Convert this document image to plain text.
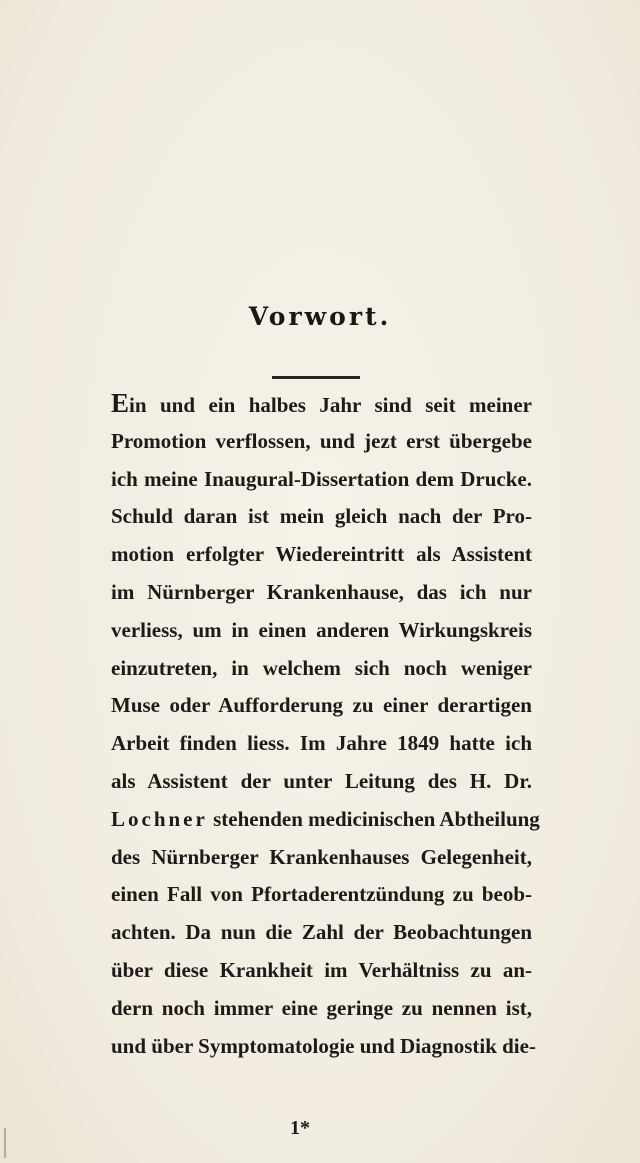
Vorwort.
Ein und ein halbes Jahr sind seit meiner
Promotion verflossen, und jezt erst übergebe
ich meine Inaugural-Dissertation dem Drucke.
Schuld daran ist mein gleich nach der Pro-
motion erfolgter Wiedereintritt als Assistent
im Nürnberger Krankenhause, das ich nur
verliess, um in einen anderen Wirkungskreis
einzutreten, in welchem sich noch weniger
Muse oder Aufforderung zu einer derartigen
Arbeit finden liess. Im Jahre 1849 hatte ich
als Assistent der unter Leitung des H. Dr.
Lochner stehenden medicinischen Abtheilung
des Nürnberger Krankenhauses Gelegenheit,
einen Fall von Pfortaderentzündung zu beob-
achten. Da nun die Zahl der Beobachtungen
über diese Krankheit im Verhältniss zu an-
dern noch immer eine geringe zu nennen ist,
und über Symptomatologie und Diagnostik die-
1*
